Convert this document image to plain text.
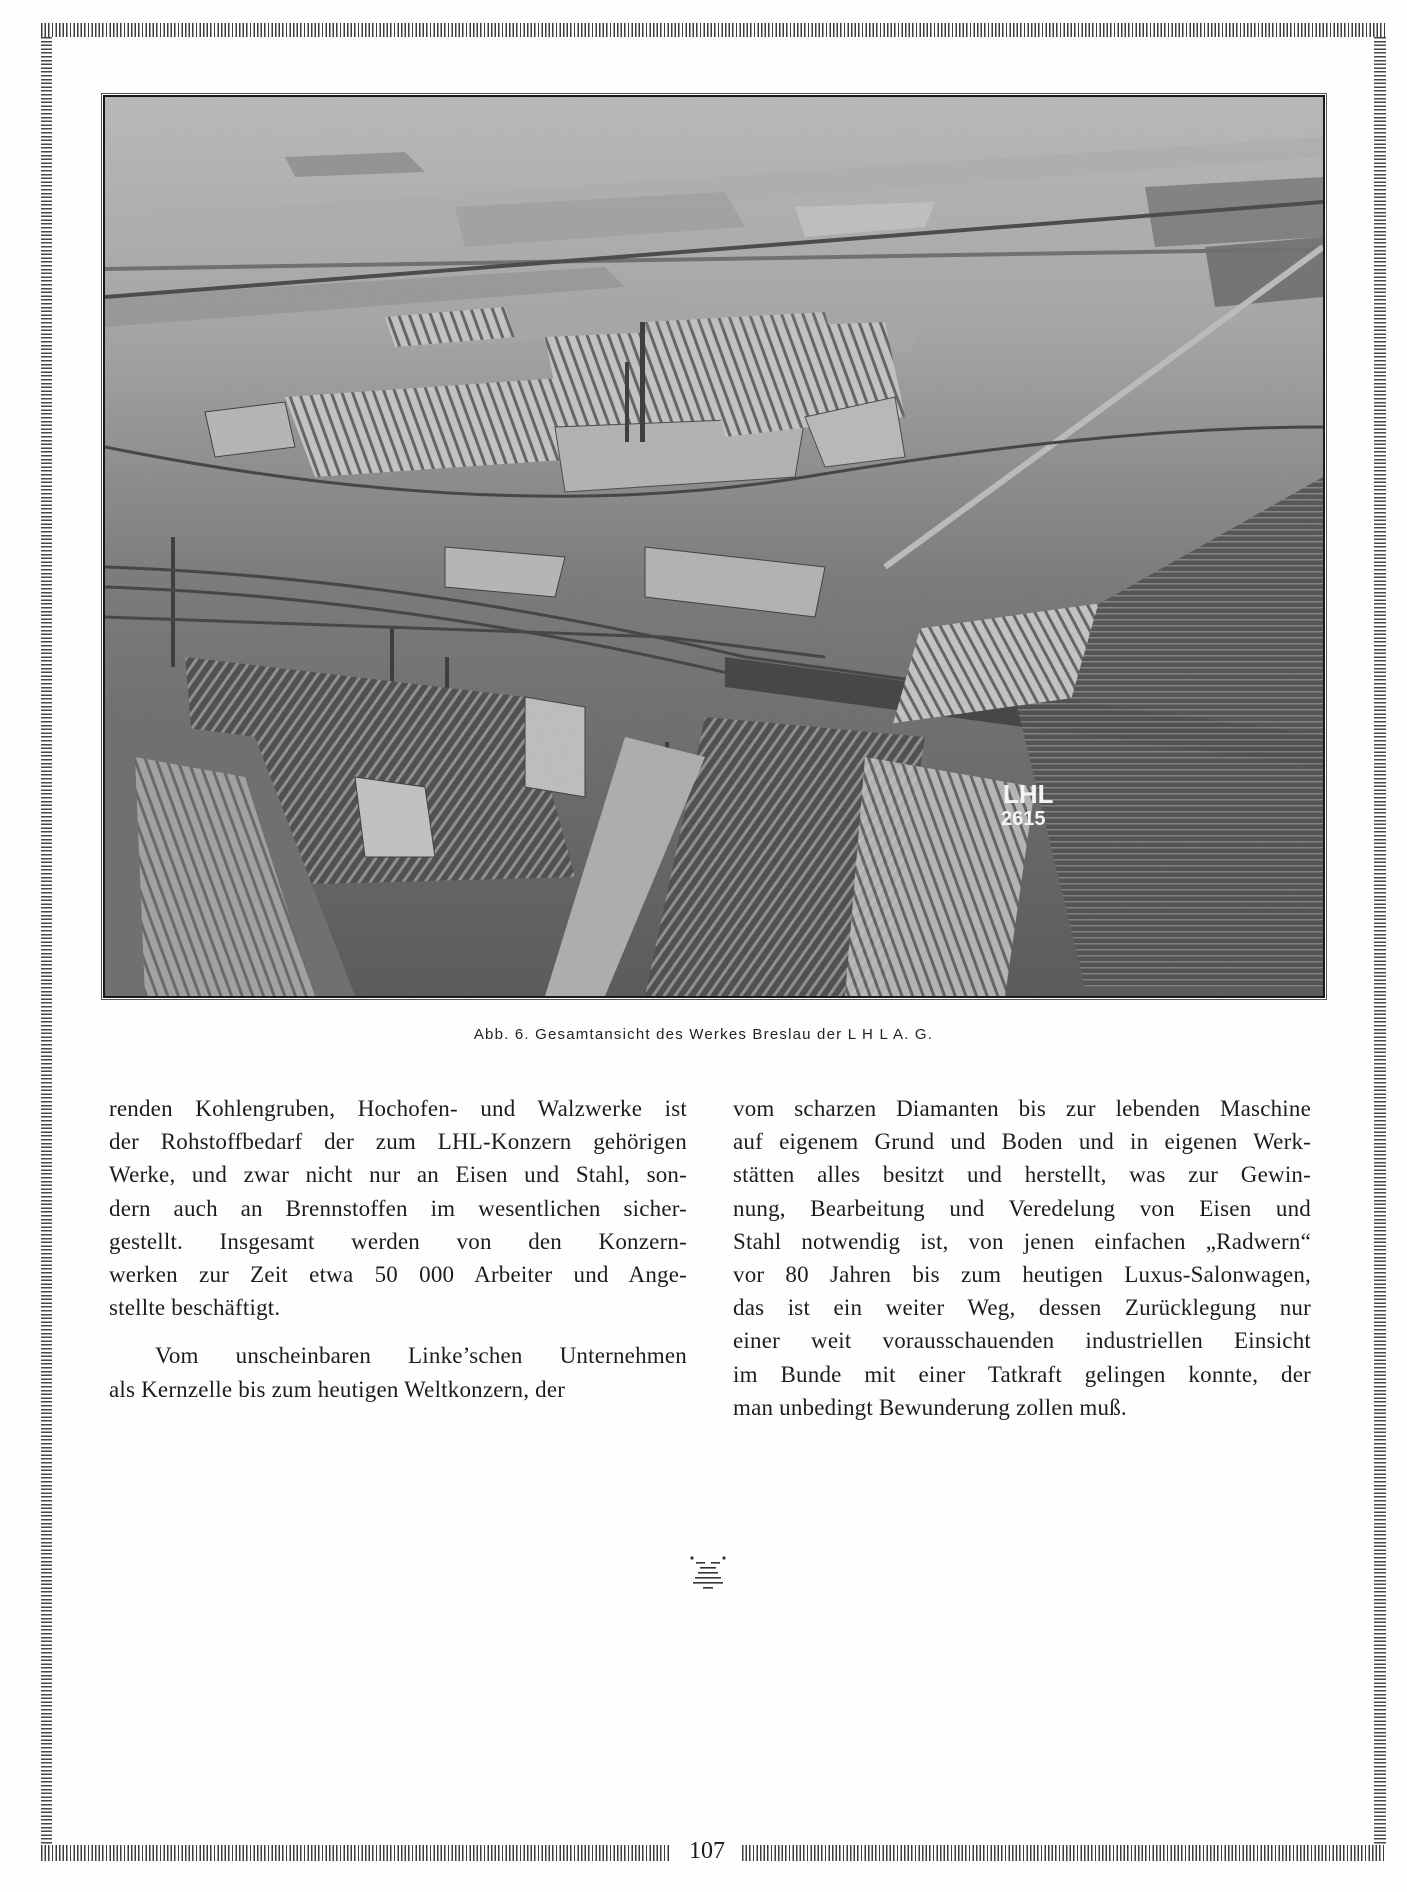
LHL
2615
Abb. 6. Gesamtansicht des Werkes Breslau der L H L A. G.

renden Kohlengruben, Hochofen- und Walzwerke ist
der Rohstoffbedarf der zum LHL-Konzern gehörigen
Werke, und zwar nicht nur an Eisen und Stahl, son-
dern auch an Brennstoffen im wesentlichen sicher-
gestellt. Insgesamt werden von den Konzern-
werken zur Zeit etwa 50 000 Arbeiter und Ange-
stellte beschäftigt.

Vom unscheinbaren Linke’schen Unternehmen
als Kernzelle bis zum heutigen Weltkonzern, der

vom scharzen Diamanten bis zur lebenden Maschine
auf eigenem Grund und Boden und in eigenen Werk-
stätten alles besitzt und herstellt, was zur Gewin-
nung, Bearbeitung und Veredelung von Eisen und
Stahl notwendig ist, von jenen einfachen „Radwern“
vor 80 Jahren bis zum heutigen Luxus-Salonwagen,
das ist ein weiter Weg, dessen Zurücklegung nur
einer weit vorausschauenden industriellen Einsicht
im Bunde mit einer Tatkraft gelingen konnte, der
man unbedingt Bewunderung zollen muß.

107
